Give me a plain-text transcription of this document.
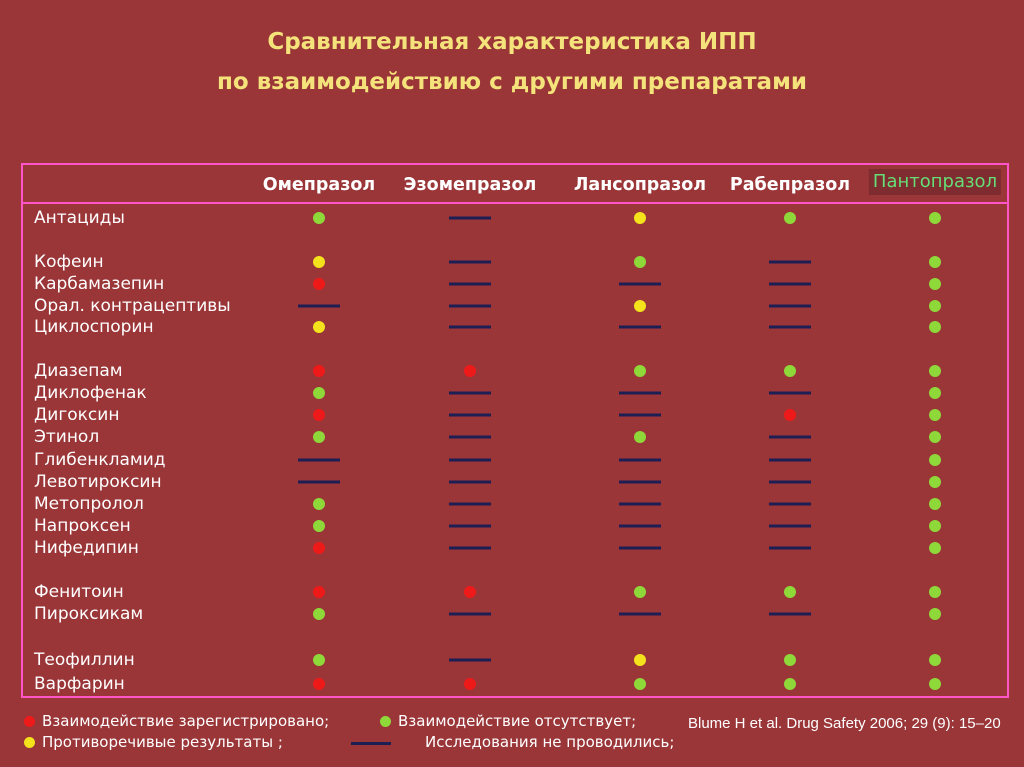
Сравнительная характеристика ИПП
по взаимодействию с другими препаратами
Омепразол Эзомепразол Лансопразол Рабепразол Пантопразол
Антациды
Кофеин
Карбамазепин
Орал. контрацептивы
Циклоспорин
Диазепам
Диклофенак
Дигоксин
Этинол
Глибенкламид
Левотироксин
Метопролол
Напроксен
Нифедипин
Фенитоин
Пироксикам
Теофиллин
Варфарин
Взаимодействие зарегистрировано;	Взаимодействие отсутствует;
Противоречивые результаты ;	Исследования не проводились;
Blume H et al. Drug Safety 2006; 29 (9): 15–20
